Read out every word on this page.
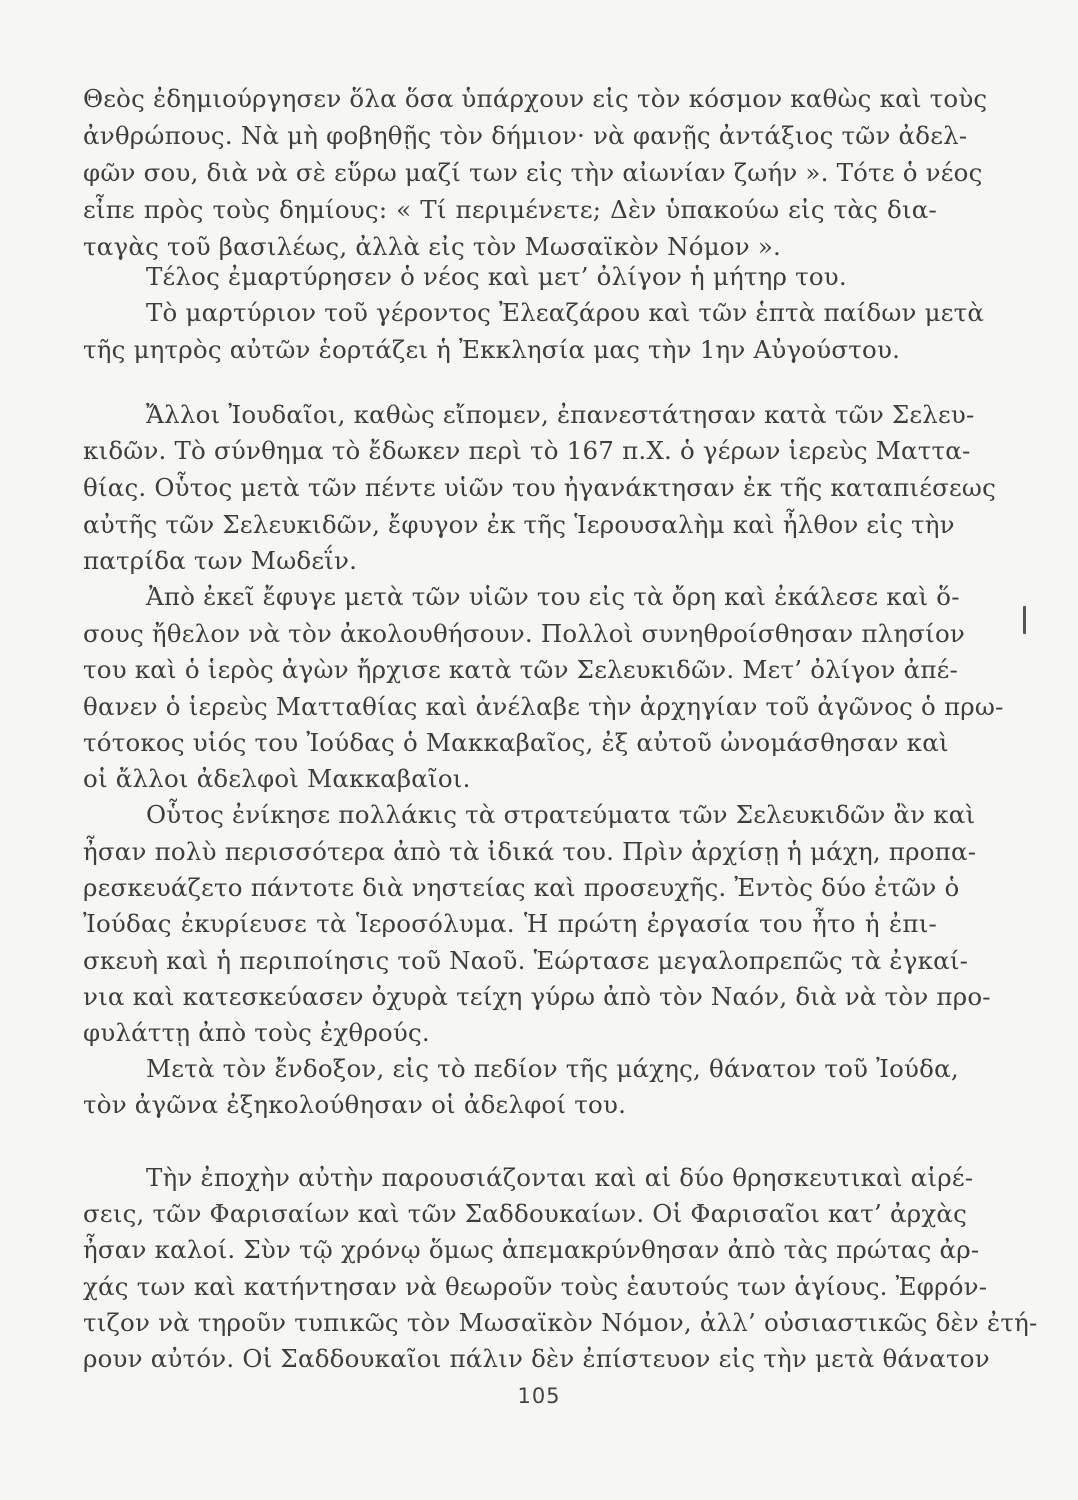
Θεὸς ἐδημιούργησεν ὅλα ὅσα ὑπάρχουν εἰς τὸν κόσμον καθὼς καὶ τοὺς
ἀνθρώπους. Νὰ μὴ φοβηθῇς τὸν δήμιον· νὰ φανῇς ἀντάξιος τῶν ἀδελ-
φῶν σου, διὰ νὰ σὲ εὕρω μαζί των εἰς τὴν αἰωνίαν ζωήν ». Τότε ὁ νέος
εἶπε πρὸς τοὺς δημίους: « Τί περιμένετε; Δὲν ὑπακούω εἰς τὰς δια-
ταγὰς τοῦ βασιλέως, ἀλλὰ εἰς τὸν Μωσαϊκὸν Νόμον ».
Τέλος ἐμαρτύρησεν ὁ νέος καὶ μετ’ ὀλίγον ἡ μήτηρ του.
Τὸ μαρτύριον τοῦ γέροντος Ἐλεαζάρου καὶ τῶν ἑπτὰ παίδων μετὰ
τῆς μητρὸς αὐτῶν ἑορτάζει ἡ Ἐκκλησία μας τὴν 1ην Αὐγούστου.
Ἄλλοι Ἰουδαῖοι, καθὼς εἴπομεν, ἐπανεστάτησαν κατὰ τῶν Σελευ-
κιδῶν. Τὸ σύνθημα τὸ ἔδωκεν περὶ τὸ 167 π.Χ. ὁ γέρων ἱερεὺς Ματτα-
θίας. Οὗτος μετὰ τῶν πέντε υἱῶν του ἠγανάκτησαν ἐκ τῆς καταπιέσεως
αὐτῆς τῶν Σελευκιδῶν, ἔφυγον ἐκ τῆς Ἱερουσαλὴμ καὶ ἦλθον εἰς τὴν
πατρίδα των Μωδεΐν.
Ἀπὸ ἐκεῖ ἔφυγε μετὰ τῶν υἱῶν του εἰς τὰ ὄρη καὶ ἐκάλεσε καὶ ὅ-
σους ἤθελον νὰ τὸν ἀκολουθήσουν. Πολλοὶ συνηθροίσθησαν πλησίον
του καὶ ὁ ἱερὸς ἀγὼν ἤρχισε κατὰ τῶν Σελευκιδῶν. Μετ’ ὀλίγον ἀπέ-
θανεν ὁ ἱερεὺς Ματταθίας καὶ ἀνέλαβε τὴν ἀρχηγίαν τοῦ ἀγῶνος ὁ πρω-
τότοκος υἱός του Ἰούδας ὁ Μακκαβαῖος, ἐξ αὐτοῦ ὠνομάσθησαν καὶ
οἱ ἄλλοι ἀδελφοὶ Μακκαβαῖοι.
Οὗτος ἐνίκησε πολλάκις τὰ στρατεύματα τῶν Σελευκιδῶν ἂν καὶ
ἦσαν πολὺ περισσότερα ἀπὸ τὰ ἰδικά του. Πρὶν ἀρχίσῃ ἡ μάχη, προπα-
ρεσκευάζετο πάντοτε διὰ νηστείας καὶ προσευχῆς. Ἐντὸς δύο ἐτῶν ὁ
Ἰούδας ἐκυρίευσε τὰ Ἱεροσόλυμα. Ἡ πρώτη ἐργασία του ἦτο ἡ ἐπι-
σκευὴ καὶ ἡ περιποίησις τοῦ Ναοῦ. Ἑώρτασε μεγαλοπρεπῶς τὰ ἐγκαί-
νια καὶ κατεσκεύασεν ὀχυρὰ τείχη γύρω ἀπὸ τὸν Ναόν, διὰ νὰ τὸν προ-
φυλάττῃ ἀπὸ τοὺς ἐχθρούς.
Μετὰ τὸν ἔνδοξον, εἰς τὸ πεδίον τῆς μάχης, θάνατον τοῦ Ἰούδα,
τὸν ἀγῶνα ἐξηκολούθησαν οἱ ἀδελφοί του.
Τὴν ἐποχὴν αὐτὴν παρουσιάζονται καὶ αἱ δύο θρησκευτικαὶ αἱρέ-
σεις, τῶν Φαρισαίων καὶ τῶν Σαδδουκαίων. Οἱ Φαρισαῖοι κατ’ ἀρχὰς
ἦσαν καλοί. Σὺν τῷ χρόνῳ ὅμως ἀπεμακρύνθησαν ἀπὸ τὰς πρώτας ἀρ-
χάς των καὶ κατήντησαν νὰ θεωροῦν τοὺς ἑαυτούς των ἁγίους. Ἐφρόν-
τιζον νὰ τηροῦν τυπικῶς τὸν Μωσαϊκὸν Νόμον, ἀλλ’ οὐσιαστικῶς δὲν ἐτή-
ρουν αὐτόν. Οἱ Σαδδουκαῖοι πάλιν δὲν ἐπίστευον εἰς τὴν μετὰ θάνατον
105
